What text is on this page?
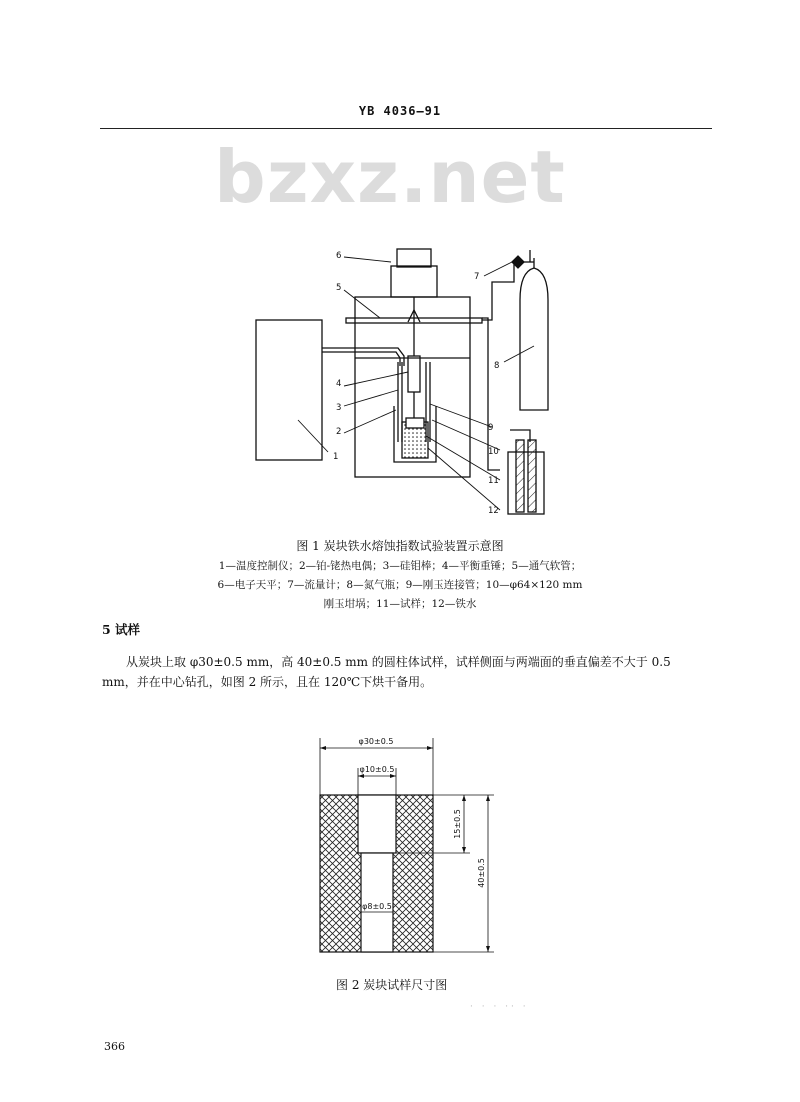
YB 4036—91
bzxz.net
1
2
3
4
5
6
7
8
9
10
11
12
图 1 炭块铁水熔蚀指数试验装置示意图
1—温度控制仪；2—铂-铑热电偶；3—硅钼棒；4—平衡重锤；5—通气软管；
6—电子天平；7—流量计；8—氮气瓶；9—刚玉连接管；10—φ64×120 mm
刚玉坩埚；11—试样；12—铁水
5 试样
从炭块上取 φ30±0.5 mm，高 40±0.5 mm 的圆柱体试样，试样侧面与两端面的垂直偏差不大于 0.5 mm，并在中心钻孔，如图 2 所示，且在 120℃下烘干备用。
φ30±0.5
φ10±0.5
15±0.5
40±0.5
φ8±0.5
图 2 炭块试样尺寸图
· · · ·· ·
366
